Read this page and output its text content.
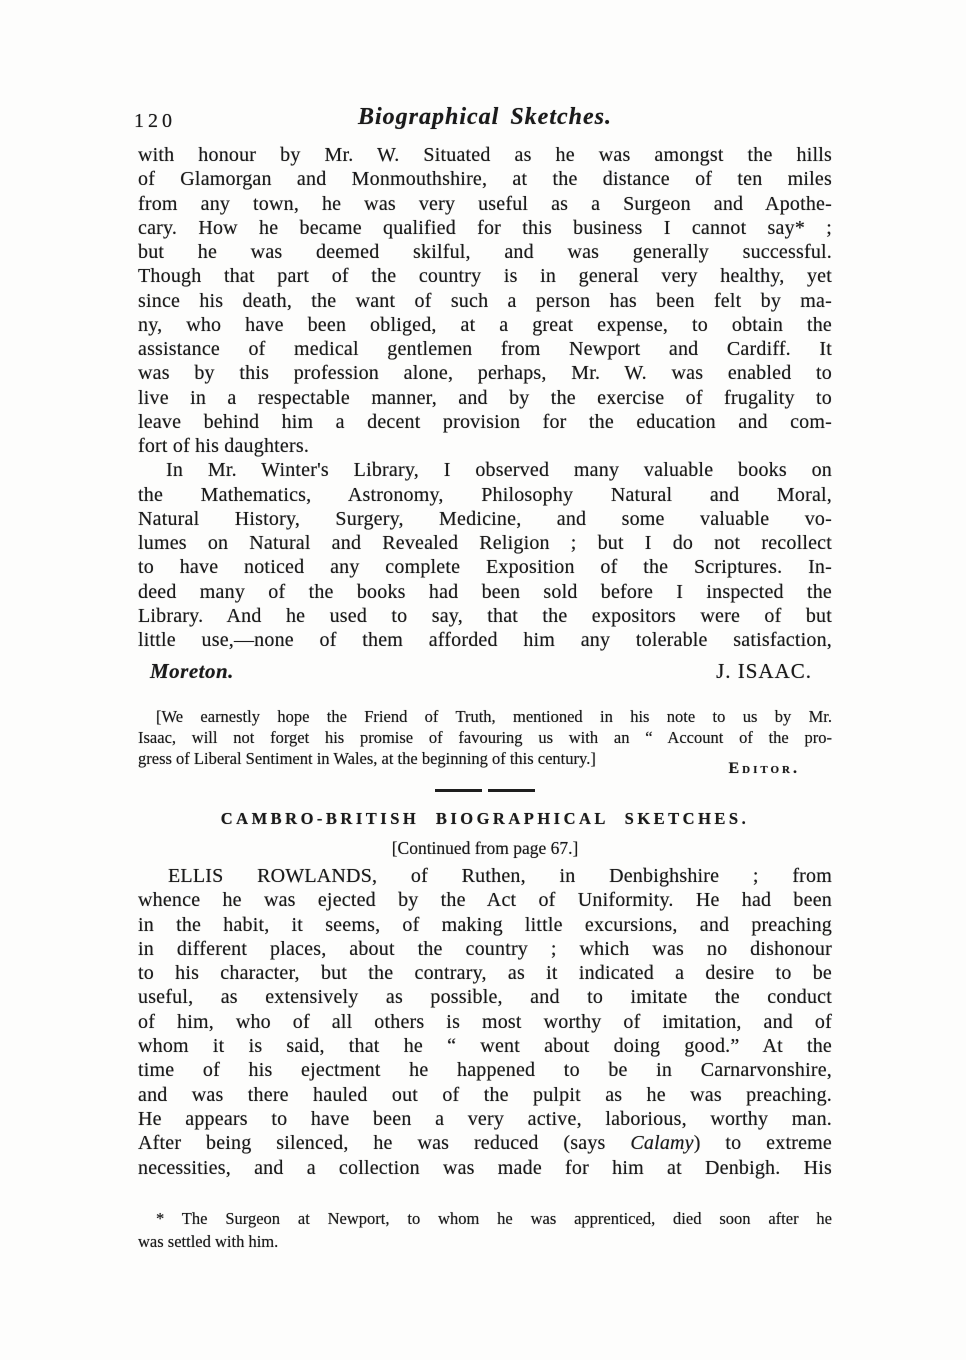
120	Biographical Sketches.
with honour by Mr. W. Situated as he was amongst the hills
of Glamorgan and Monmouthshire, at the distance of ten miles
from any town, he was very useful as a Surgeon and Apothe-
cary. How he became qualified for this business I cannot say* ;
but he was deemed skilful, and was generally successful.
Though that part of the country is in general very healthy, yet
since his death, the want of such a person has been felt by ma-
ny, who have been obliged, at a great expense, to obtain the
assistance of medical gentlemen from Newport and Cardiff. It
was by this profession alone, perhaps, Mr. W. was enabled to
live in a respectable manner, and by the exercise of frugality to
leave behind him a decent provision for the education and com-
fort of his daughters.
In Mr. Winter's Library, I observed many valuable books on
the Mathematics, Astronomy, Philosophy Natural and Moral,
Natural History, Surgery, Medicine, and some valuable vo-
lumes on Natural and Revealed Religion ; but I do not recollect
to have noticed any complete Exposition of the Scriptures. In-
deed many of the books had been sold before I inspected the
Library. And he used to say, that the expositors were of but
little use,—none of them afforded him any tolerable satisfaction,
Moreton.	J. ISAAC.
[We earnestly hope the Friend of Truth, mentioned in his note to us by Mr.
Isaac, will not forget his promise of favouring us with an “ Account of the pro-
gress of Liberal Sentiment in Wales, at the beginning of this century.]
Editor.
CAMBRO-BRITISH BIOGRAPHICAL SKETCHES.
[Continued from page 67.]
ELLIS ROWLANDS, of Ruthen, in Denbighshire ; from
whence he was ejected by the Act of Uniformity. He had been
in the habit, it seems, of making little excursions, and preaching
in different places, about the country ; which was no dishonour
to his character, but the contrary, as it indicated a desire to be
useful, as extensively as possible, and to imitate the conduct
of him, who of all others is most worthy of imitation, and of
whom it is said, that he “ went about doing good.” At the
time of his ejectment he happened to be in Carnarvonshire,
and was there hauled out of the pulpit as he was preaching.
He appears to have been a very active, laborious, worthy man.
After being silenced, he was reduced (says Calamy) to extreme
necessities, and a collection was made for him at Denbigh. His
* The Surgeon at Newport, to whom he was apprenticed, died soon after he
was settled with him.
